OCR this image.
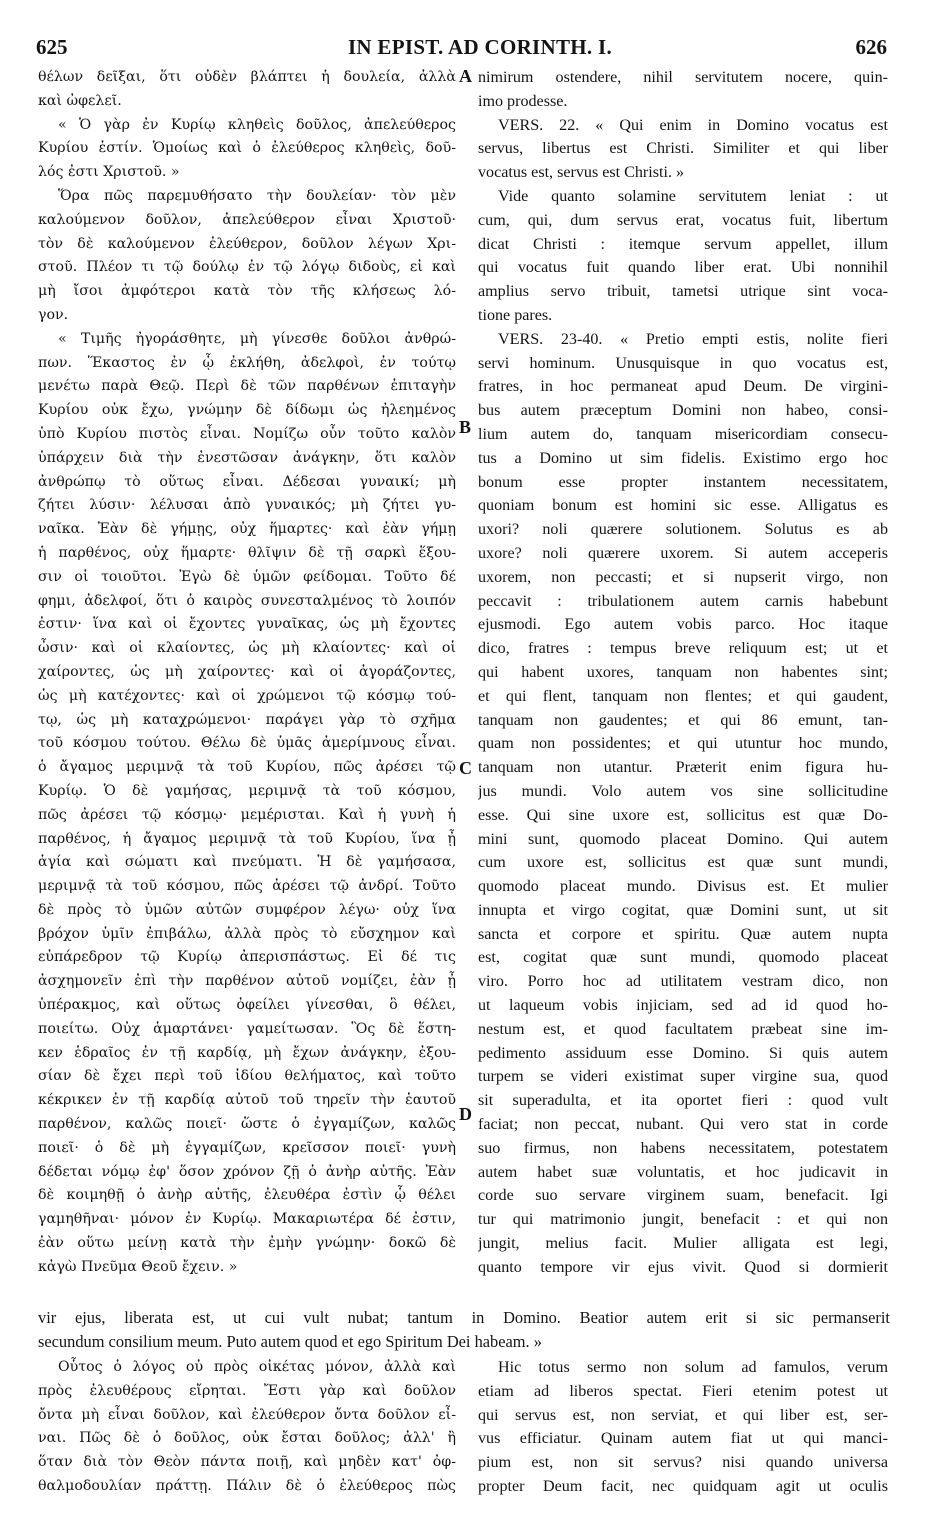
625	IN EPIST. AD CORINTH. I.	626
θέλων δεῖξαι, ὅτι οὐδὲν βλάπτει ἡ δουλεία, ἀλλὰ
καὶ ὠφελεῖ.
« Ὁ γὰρ ἐν Κυρίῳ κληθεὶς δοῦλος, ἀπελεύθερος
Κυρίου ἐστίν. Ὁμοίως καὶ ὁ ἐλεύθερος κληθεὶς, δοῦ-
λός ἐστι Χριστοῦ. »
Ὅρα πῶς παρεμυθήσατο τὴν δουλείαν· τὸν μὲν
καλούμενον δοῦλον, ἀπελεύθερον εἶναι Χριστοῦ·
τὸν δὲ καλούμενον ἐλεύθερον, δοῦλον λέγων Χρι-
στοῦ. Πλέον τι τῷ δούλῳ ἐν τῷ λόγῳ διδοὺς, εἰ καὶ
μὴ ἴσοι ἀμφότεροι κατὰ τὸν τῆς κλήσεως λό-
γον.
« Τιμῆς ἠγοράσθητε, μὴ γίνεσθε δοῦλοι ἀνθρώ-
πων. Ἕκαστος ἐν ᾧ ἐκλήθη, ἀδελφοὶ, ἐν τούτῳ
μενέτω παρὰ Θεῷ. Περὶ δὲ τῶν παρθένων ἐπιταγὴν
Κυρίου οὐκ ἔχω, γνώμην δὲ δίδωμι ὡς ἠλεημένος
ὑπὸ Κυρίου πιστὸς εἶναι. Νομίζω οὖν τοῦτο καλὸν
ὑπάρχειν διὰ τὴν ἐνεστῶσαν ἀνάγκην, ὅτι καλὸν
ἀνθρώπῳ τὸ οὕτως εἶναι. Δέδεσαι γυναικί; μὴ
ζήτει λύσιν· λέλυσαι ἀπὸ γυναικός; μὴ ζήτει γυ-
ναῖκα. Ἐὰν δὲ γήμῃς, οὐχ ἥμαρτες· καὶ ἐὰν γήμῃ
ἡ παρθένος, οὐχ ἥμαρτε· θλῖψιν δὲ τῇ σαρκὶ ἕξου-
σιν οἱ τοιοῦτοι. Ἐγὼ δὲ ὑμῶν φείδομαι. Τοῦτο δέ
φημι, ἀδελφοί, ὅτι ὁ καιρὸς συνεσταλμένος τὸ λοιπόν
ἐστιν· ἵνα καὶ οἱ ἔχοντες γυναῖκας, ὡς μὴ ἔχοντες
ὦσιν· καὶ οἱ κλαίοντες, ὡς μὴ κλαίοντες· καὶ οἱ
χαίροντες, ὡς μὴ χαίροντες· καὶ οἱ ἀγοράζοντες,
ὡς μὴ κατέχοντες· καὶ οἱ χρώμενοι τῷ κόσμῳ τού-
τῳ, ὡς μὴ καταχρώμενοι· παράγει γὰρ τὸ σχῆμα
τοῦ κόσμου τούτου. Θέλω δὲ ὑμᾶς ἀμερίμνους εἶναι.
ὁ ἄγαμος μεριμνᾷ τὰ τοῦ Κυρίου, πῶς ἀρέσει τῷ
Κυρίῳ. Ὁ δὲ γαμήσας, μεριμνᾷ τὰ τοῦ κόσμου,
πῶς ἀρέσει τῷ κόσμῳ· μεμέρισται. Καὶ ἡ γυνὴ ἡ
παρθένος, ἡ ἄγαμος μεριμνᾷ τὰ τοῦ Κυρίου, ἵνα ᾖ
ἁγία καὶ σώματι καὶ πνεύματι. Ἡ δὲ γαμήσασα,
μεριμνᾷ τὰ τοῦ κόσμου, πῶς ἀρέσει τῷ ἀνδρί. Τοῦτο
δὲ πρὸς τὸ ὑμῶν αὐτῶν συμφέρον λέγω· οὐχ ἵνα
βρόχον ὑμῖν ἐπιβάλω, ἀλλὰ πρὸς τὸ εὔσχημον καὶ
εὐπάρεδρον τῷ Κυρίῳ ἀπερισπάστως. Εἰ δέ τις
ἀσχημονεῖν ἐπὶ τὴν παρθένον αὐτοῦ νομίζει, ἐὰν ᾖ
ὑπέρακμος, καὶ οὕτως ὀφείλει γίνεσθαι, ὃ θέλει,
ποιείτω. Οὐχ ἁμαρτάνει· γαμείτωσαν. Ὃς δὲ ἕστη-
κεν ἑδραῖος ἐν τῇ καρδίᾳ, μὴ ἔχων ἀνάγκην, ἐξου-
σίαν δὲ ἔχει περὶ τοῦ ἰδίου θελήματος, καὶ τοῦτο
κέκρικεν ἐν τῇ καρδίᾳ αὐτοῦ τοῦ τηρεῖν τὴν ἑαυτοῦ
παρθένον, καλῶς ποιεῖ· ὥστε ὁ ἐγγαμίζων, καλῶς
ποιεῖ· ὁ δὲ μὴ ἐγγαμίζων, κρεῖσσον ποιεῖ· γυνὴ
δέδεται νόμῳ ἐφ' ὅσον χρόνον ζῇ ὁ ἀνὴρ αὐτῆς. Ἐὰν
δὲ κοιμηθῇ ὁ ἀνὴρ αὐτῆς, ἐλευθέρα ἐστὶν ᾧ θέλει
γαμηθῆναι· μόνον ἐν Κυρίῳ. Μακαριωτέρα δέ ἐστιν,
ἐὰν οὕτω μείνῃ κατὰ τὴν ἐμὴν γνώμην· δοκῶ δὲ
κἀγὼ Πνεῦμα Θεοῦ ἔχειν. »
nimirum ostendere, nihil servitutem nocere, quin-
imo prodesse.
VERS. 22. « Qui enim in Domino vocatus est
servus, libertus est Christi. Similiter et qui liber
vocatus est, servus est Christi. »
Vide quanto solamine servitutem leniat : ut
cum, qui, dum servus erat, vocatus fuit, libertum
dicat Christi : itemque servum appellet, illum
qui vocatus fuit quando liber erat. Ubi nonnihil
amplius servo tribuit, tametsi utrique sint voca-
tione pares.
VERS. 23-40. « Pretio empti estis, nolite fieri
servi hominum. Unusquisque in quo vocatus est,
fratres, in hoc permaneat apud Deum. De virgini-
bus autem præceptum Domini non habeo, consi-
lium autem do, tanquam misericordiam consecu-
tus a Domino ut sim fidelis. Existimo ergo hoc
bonum esse propter instantem necessitatem,
quoniam bonum est homini sic esse. Alligatus es
uxori? noli quærere solutionem. Solutus es ab
uxore? noli quærere uxorem. Si autem acceperis
uxorem, non peccasti; et si nupserit virgo, non
peccavit : tribulationem autem carnis habebunt
ejusmodi. Ego autem vobis parco. Hoc itaque
dico, fratres : tempus breve reliquum est; ut et
qui habent uxores, tanquam non habentes sint;
et qui flent, tanquam non flentes; et qui gaudent,
tanquam non gaudentes; et qui 86 emunt, tan-
quam non possidentes; et qui utuntur hoc mundo,
tanquam non utantur. Præterit enim figura hu-
jus mundi. Volo autem vos sine sollicitudine
esse. Qui sine uxore est, sollicitus est quæ Do-
mini sunt, quomodo placeat Domino. Qui autem
cum uxore est, sollicitus est quæ sunt mundi,
quomodo placeat mundo. Divisus est. Et mulier
innupta et virgo cogitat, quæ Domini sunt, ut sit
sancta et corpore et spiritu. Quæ autem nupta
est, cogitat quæ sunt mundi, quomodo placeat
viro. Porro hoc ad utilitatem vestram dico, non
ut laqueum vobis injiciam, sed ad id quod ho-
nestum est, et quod facultatem præbeat sine im-
pedimento assiduum esse Domino. Si quis autem
turpem se videri existimat super virgine sua, quod
sit superadulta, et ita oportet fieri : quod vult
faciat; non peccat, nubant. Qui vero stat in corde
suo firmus, non habens necessitatem, potestatem
autem habet suæ voluntatis, et hoc judicavit in
corde suo servare virginem suam, benefacit. Igi
tur qui matrimonio jungit, benefacit : et qui non
jungit, melius facit. Mulier alligata est legi,
quanto tempore vir ejus vivit. Quod si dormierit
A
B
C
D
vir ejus, liberata est, ut cui vult nubat; tantum in Domino. Beatior autem erit si sic permanserit
secundum consilium meum. Puto autem quod et ego Spiritum Dei habeam. »
Οὗτος ὁ λόγος οὐ πρὸς οἰκέτας μόνον, ἀλλὰ καὶ
πρὸς ἐλευθέρους εἴρηται. Ἔστι γὰρ καὶ δοῦλον
ὄντα μὴ εἶναι δοῦλον, καὶ ἐλεύθερον ὄντα δοῦλον εἶ-
ναι. Πῶς δὲ ὁ δοῦλος, οὐκ ἔσται δοῦλος; ἀλλ' ἢ
ὅταν διὰ τὸν Θεὸν πάντα ποιῇ, καὶ μηδὲν κατ' ὀφ-
θαλμοδουλίαν πράττῃ. Πάλιν δὲ ὁ ἐλεύθερος πὼς
Hic totus sermo non solum ad famulos, verum
etiam ad liberos spectat. Fieri etenim potest ut
qui servus est, non serviat, et qui liber est, ser-
vus efficiatur. Quinam autem fiat ut qui manci-
pium est, non sit servus? nisi quando universa
propter Deum facit, nec quidquam agit ut oculis
